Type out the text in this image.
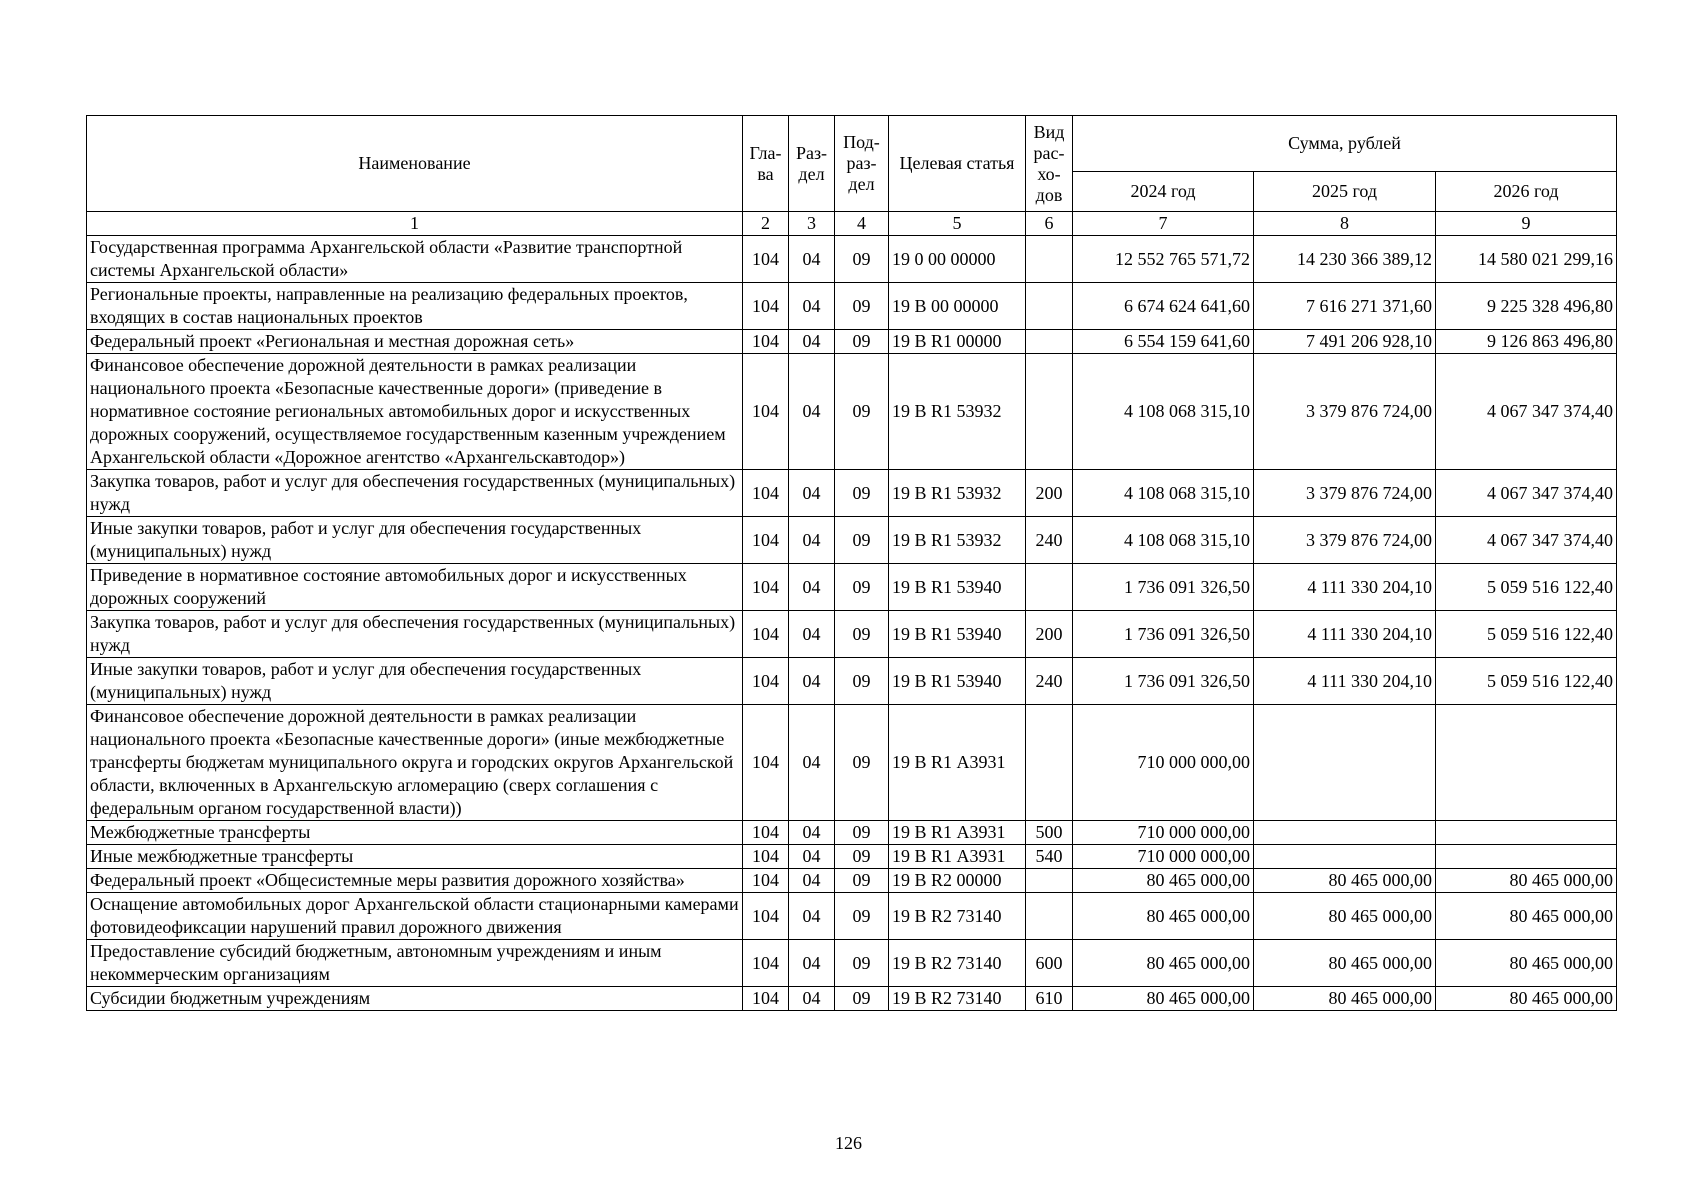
Наименование	Гла-ва	Раз-дел	Под-раз-дел	Целевая статья	Вид рас-хо-дов	Сумма, рублей		
						2024 год	2025 год	2026 год
1	2	3	4	5	6	7	8	9
Государственная программа Архангельской области «Развитие транспортной системы Архангельской области»	104	04	09	19 0 00 00000		12 552 765 571,72	14 230 366 389,12	14 580 021 299,16
Региональные проекты, направленные на реализацию федеральных проектов, входящих в состав национальных проектов	104	04	09	19 В 00 00000		6 674 624 641,60	7 616 271 371,60	9 225 328 496,80
Федеральный проект «Региональная и местная дорожная сеть»	104	04	09	19 В R1 00000		6 554 159 641,60	7 491 206 928,10	9 126 863 496,80
Финансовое обеспечение дорожной деятельности в рамках реализации национального проекта «Безопасные качественные дороги» (приведение в нормативное состояние региональных автомобильных дорог и искусственных дорожных сооружений, осуществляемое государственным казенным учреждением Архангельской области «Дорожное агентство «Архангельскавтодор»)	104	04	09	19 В R1 53932		4 108 068 315,10	3 379 876 724,00	4 067 347 374,40
Закупка товаров, работ и услуг для обеспечения государственных (муниципальных) нужд	104	04	09	19 В R1 53932	200	4 108 068 315,10	3 379 876 724,00	4 067 347 374,40
Иные закупки товаров, работ и услуг для обеспечения государственных (муниципальных) нужд	104	04	09	19 В R1 53932	240	4 108 068 315,10	3 379 876 724,00	4 067 347 374,40
Приведение в нормативное состояние автомобильных дорог и искусственных дорожных сооружений	104	04	09	19 В R1 53940		1 736 091 326,50	4 111 330 204,10	5 059 516 122,40
Закупка товаров, работ и услуг для обеспечения государственных (муниципальных) нужд	104	04	09	19 В R1 53940	200	1 736 091 326,50	4 111 330 204,10	5 059 516 122,40
Иные закупки товаров, работ и услуг для обеспечения государственных (муниципальных) нужд	104	04	09	19 В R1 53940	240	1 736 091 326,50	4 111 330 204,10	5 059 516 122,40
Финансовое обеспечение дорожной деятельности в рамках реализации национального проекта «Безопасные качественные дороги» (иные межбюджетные трансферты бюджетам муниципального округа и городских округов Архангельской области, включенных в Архангельскую агломерацию (сверх соглашения с федеральным органом государственной власти))	104	04	09	19 В R1 А3931		710 000 000,00		
Межбюджетные трансферты	104	04	09	19 В R1 А3931	500	710 000 000,00		
Иные межбюджетные трансферты	104	04	09	19 В R1 А3931	540	710 000 000,00		
Федеральный проект «Общесистемные меры развития дорожного хозяйства»	104	04	09	19 В R2 00000		80 465 000,00	80 465 000,00	80 465 000,00
Оснащение автомобильных дорог Архангельской области стационарными камерами фотовидеофиксации нарушений правил дорожного движения	104	04	09	19 В R2 73140		80 465 000,00	80 465 000,00	80 465 000,00
Предоставление субсидий бюджетным, автономным учреждениям и иным некоммерческим организациям	104	04	09	19 В R2 73140	600	80 465 000,00	80 465 000,00	80 465 000,00
Субсидии бюджетным учреждениям	104	04	09	19 В R2 73140	610	80 465 000,00	80 465 000,00	80 465 000,00
126
